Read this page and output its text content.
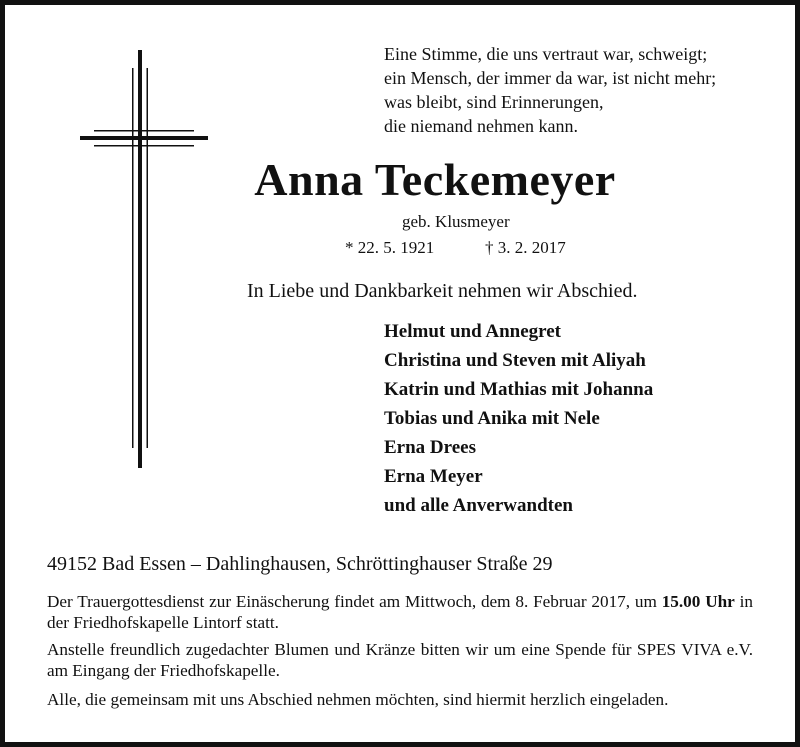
Eine Stimme, die uns vertraut war, schweigt;
ein Mensch, der immer da war, ist nicht mehr;
was bleibt, sind Erinnerungen,
die niemand nehmen kann.
Anna Teckemeyer
geb. Klusmeyer
* 22. 5. 1921	† 3. 2. 2017
In Liebe und Dankbarkeit nehmen wir Abschied.
Helmut und Annegret
Christina und Steven mit Aliyah
Katrin und Mathias mit Johanna
Tobias und Anika mit Nele
Erna Drees
Erna Meyer
und alle Anverwandten
49152 Bad Essen – Dahlinghausen, Schröttinghauser Straße 29
Der Trauergottesdienst zur Einäscherung findet am Mittwoch, dem 8. Februar 2017, um 15.00 Uhr in der Friedhofskapelle Lintorf statt.
Anstelle freundlich zugedachter Blumen und Kränze bitten wir um eine Spende für SPES VIVA e.V. am Eingang der Friedhofskapelle.
Alle, die gemeinsam mit uns Abschied nehmen möchten, sind hiermit herzlich eingeladen.
